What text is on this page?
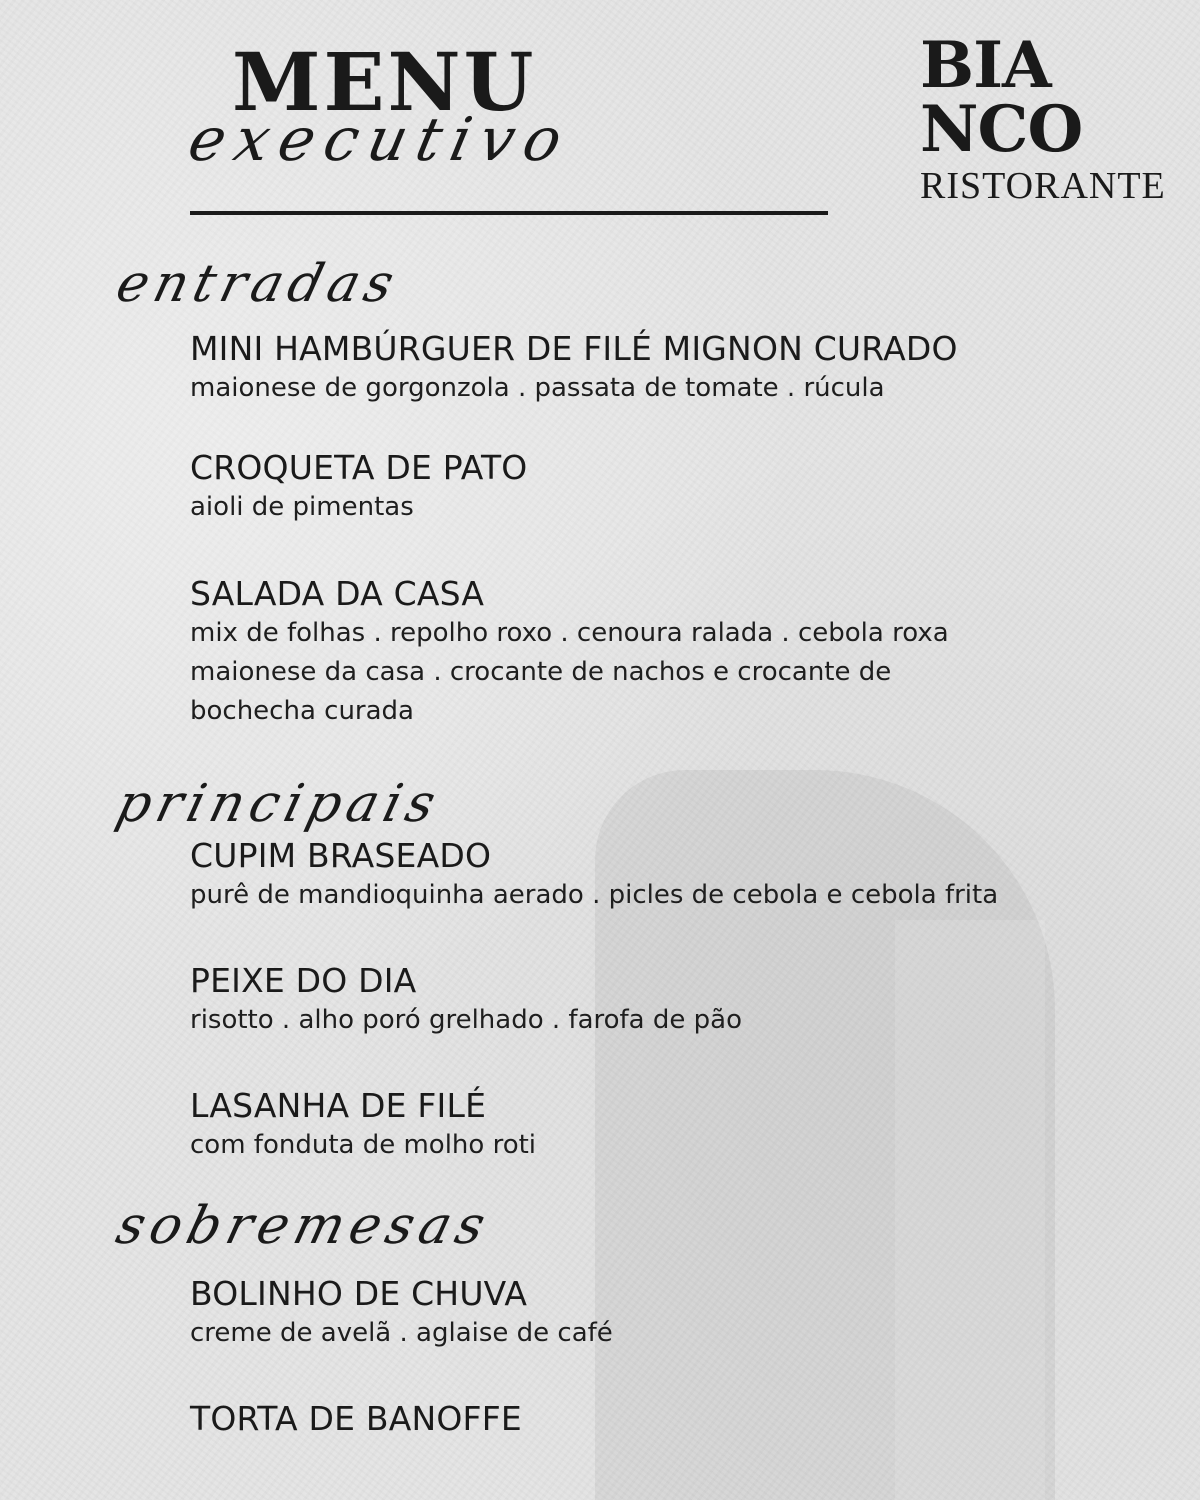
MENU
executivo
BIA
NCO
RISTORANTE
entradas
MINI HAMBÚRGUER DE FILÉ MIGNON CURADO
maionese de gorgonzola . passata de tomate . rúcula
CROQUETA DE PATO
aioli de pimentas
SALADA DA CASA
mix de folhas . repolho roxo . cenoura ralada . cebola roxa
maionese da casa . crocante de nachos e crocante de
bochecha curada
principais
CUPIM BRASEADO
purê de mandioquinha aerado . picles de cebola e cebola frita
PEIXE DO DIA
risotto . alho poró grelhado . farofa de pão
LASANHA DE FILÉ
com fonduta de molho roti
sobremesas
BOLINHO DE CHUVA
creme de avelã . aglaise de café
TORTA DE BANOFFE
